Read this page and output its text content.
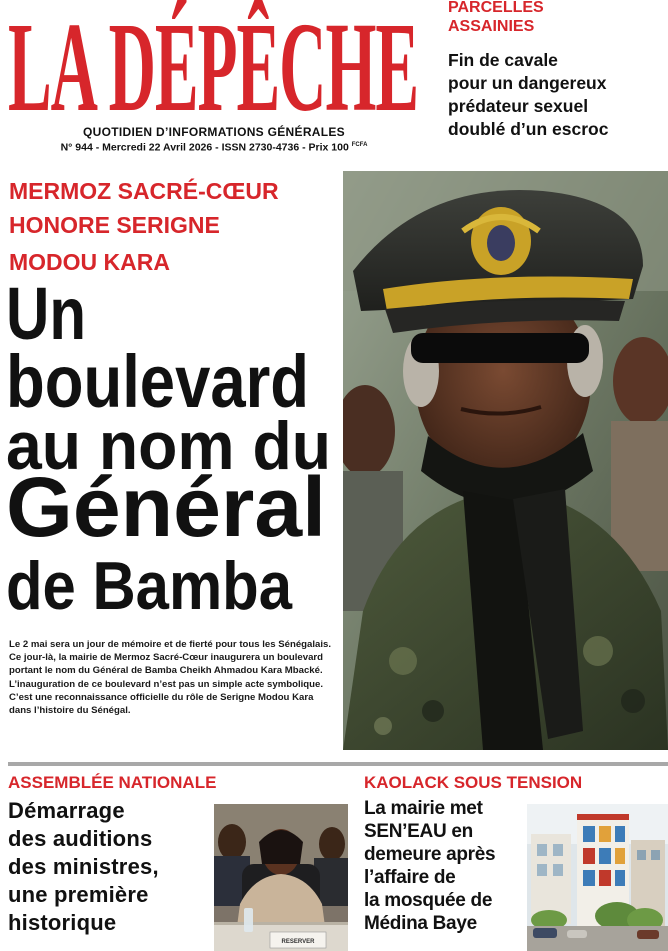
LA DÉPÊCHE
QUOTIDIEN D’INFORMATIONS GÉNÉRALES
N° 944 - Mercredi 22 Avril 2026 - ISSN 2730-4736 - Prix 100 $^{FCFA}$
PARCELLES
ASSAINIES
Fin de cavale
pour un dangereux
prédateur sexuel
doublé d’un escroc
MERMOZ SACRÉ-CŒUR
HONORE SERIGNE
MODOU KARA
Un
boulevard
au nom du
Général
de Bamba
Le 2 mai sera un jour de mémoire et de fierté pour tous les Sénégalais. Ce jour-là, la mairie de Mermoz Sacré-Cœur inaugurera un boulevard portant le nom du Général de Bamba Cheikh Ahmadou Kara Mbacké. L’inauguration de ce boulevard n’est pas un simple acte symbolique. C’est une reconnaissance officielle du rôle de Serigne Modou Kara dans l’histoire du Sénégal.
ASSEMBLÉE NATIONALE
Démarrage
des auditions
des ministres,
une première
historique
RESERVER
KAOLACK SOUS TENSION
La mairie met
SEN’EAU en
demeure après
l’affaire de
la mosquée de
Médina Baye
